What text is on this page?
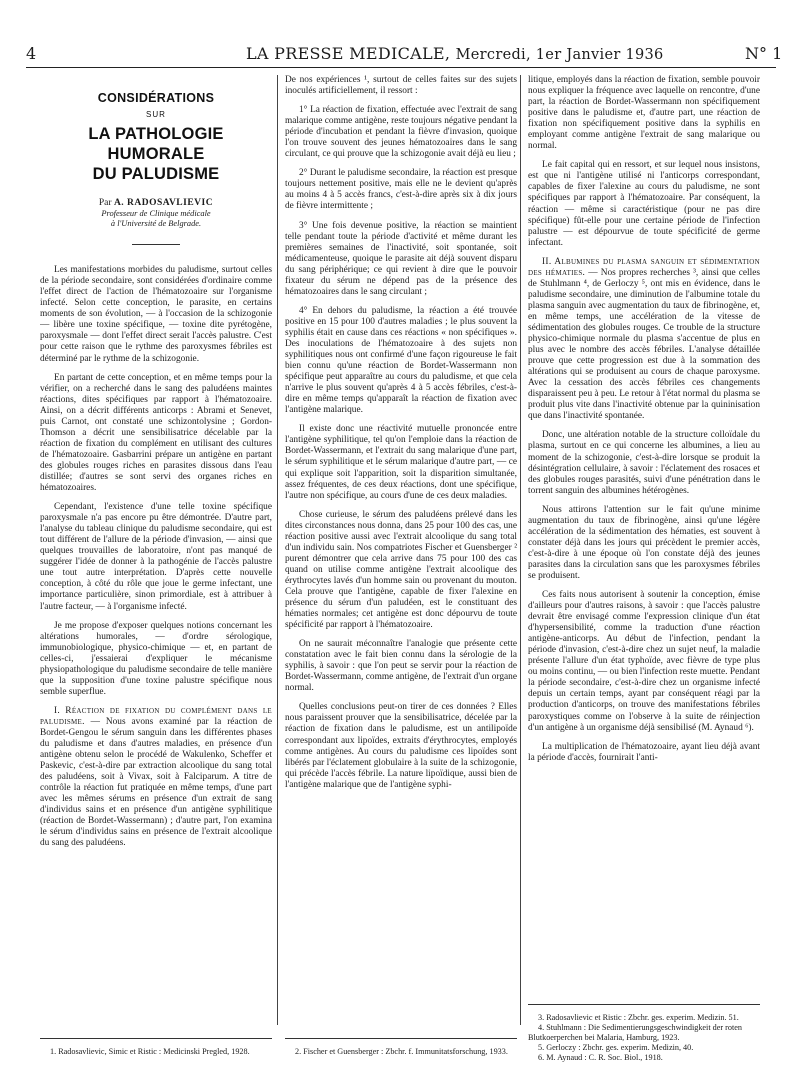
4	LA PRESSE MEDICALE, Mercredi, 1er Janvier 1936	N° 1
CONSIDÉRATIONS
SUR
LA PATHOLOGIE HUMORALE
DU PALUDISME
Par A. RADOSAVLIEVIC
Professeur de Clinique médicale
à l'Université de Belgrade.

Les manifestations morbides du paludisme, surtout celles de la période secondaire, sont considérées d'ordinaire comme l'effet direct de l'action de l'hématozoaire sur l'organisme infecté. Selon cette conception, le parasite, en certains moments de son évolution, — à l'occasion de la schizogonie — libère une toxine spécifique, — toxine dite pyrétogène, paroxysmale — dont l'effet direct serait l'accès palustre. C'est pour cette raison que le rythme des paroxysmes fébriles est déterminé par le rythme de la schizogonie.

En partant de cette conception, et en même temps pour la vérifier, on a recherché dans le sang des paludéens maintes réactions, dites spécifiques par rapport à l'hématozoaire. Ainsi, on a décrit différents anticorps : Abrami et Senevet, puis Carnot, ont constaté une schizontolysine ; Gordon-Thomson a décrit une sensibilisatrice décelable par la réaction de fixation du complément en utilisant des cultures de l'hématozoaire. Gasbarrini prépare un antigène en partant des globules rouges riches en parasites dissous dans l'eau distillée; d'autres se sont servi des organes riches en hématozoaires.

Cependant, l'existence d'une telle toxine spécifique paroxysmale n'a pas encore pu être démontrée. D'autre part, l'analyse du tableau clinique du paludisme secondaire, qui est tout différent de l'allure de la période d'invasion, — ainsi que quelques trouvailles de laboratoire, n'ont pas manqué de suggérer l'idée de donner à la pathogénie de l'accès palustre une tout autre interprétation. D'après cette nouvelle conception, à côté du rôle que joue le germe infectant, une importance particulière, sinon primordiale, est à attribuer à l'autre facteur, — à l'organisme infecté.

Je me propose d'exposer quelques notions concernant les altérations humorales, — d'ordre sérologique, immunobiologique, physico-chimique — et, en partant de celles-ci, j'essaierai d'expliquer le mécanisme physiopathologique du paludisme secondaire de telle manière que la supposition d'une toxine palustre spécifique nous semble superflue.

I. Réaction de fixation du complément dans le paludisme. — Nous avons examiné par la réaction de Bordet-Gengou le sérum sanguin dans les différentes phases du paludisme et dans d'autres maladies, en présence d'un antigène obtenu selon le procédé de Wakulenko, Scheffer et Paskevic, c'est-à-dire par extraction alcoolique du sang total des paludéens, soit à Vivax, soit à Falciparum. A titre de contrôle la réaction fut pratiquée en même temps, d'une part avec les mêmes sérums en présence d'un extrait de sang d'individus sains et en présence d'un antigène syphilitique (réaction de Bordet-Wassermann) ; d'autre part, l'on examina le sérum d'individus sains en présence de l'extrait alcoolique du sang des paludéens.

1. Radosavlievic, Simic et Ristic : Medicinski Pregled, 1928.

De nos expériences ¹, surtout de celles faites sur des sujets inoculés artificiellement, il ressort :

1° La réaction de fixation, effectuée avec l'extrait de sang malarique comme antigène, reste toujours négative pendant la période d'incubation et pendant la fièvre d'invasion, quoique l'on trouve souvent des jeunes hématozoaires dans le sang circulant, ce qui prouve que la schizogonie avait déjà eu lieu ;

2° Durant le paludisme secondaire, la réaction est presque toujours nettement positive, mais elle ne le devient qu'après au moins 4 à 5 accès francs, c'est-à-dire après six à dix jours de fièvre intermittente ;

3° Une fois devenue positive, la réaction se maintient telle pendant toute la période d'activité et même durant les premières semaines de l'inactivité, soit spontanée, soit médicamenteuse, quoique le parasite ait déjà souvent disparu du sang périphérique; ce qui revient à dire que le pouvoir fixateur du sérum ne dépend pas de la présence des hématozoaires dans le sang circulant ;

4° En dehors du paludisme, la réaction a été trouvée positive en 15 pour 100 d'autres maladies ; le plus souvent la syphilis était en cause dans ces réactions « non spécifiques ». Des inoculations de l'hématozoaire à des sujets non syphilitiques nous ont confirmé d'une façon rigoureuse le fait bien connu qu'une réaction de Bordet-Wassermann non spécifique peut apparaître au cours du paludisme, et que cela n'arrive le plus souvent qu'après 4 à 5 accès fébriles, c'est-à-dire en même temps qu'apparaît la réaction de fixation avec l'antigène malarique.

Il existe donc une réactivité mutuelle prononcée entre l'antigène syphilitique, tel qu'on l'emploie dans la réaction de Bordet-Wassermann, et l'extrait du sang malarique d'une part, le sérum syphilitique et le sérum malarique d'autre part, — ce qui explique soit l'apparition, soit la disparition simultanée, assez fréquentes, de ces deux réactions, dont une spécifique, l'autre non spécifique, au cours d'une de ces deux maladies.

Chose curieuse, le sérum des paludéens prélevé dans les dites circonstances nous donna, dans 25 pour 100 des cas, une réaction positive aussi avec l'extrait alcoolique du sang total d'un individu sain. Nos compatriotes Fischer et Guensberger ² purent démontrer que cela arrive dans 75 pour 100 des cas quand on utilise comme antigène l'extrait alcoolique des érythrocytes lavés d'un homme sain ou provenant du mouton. Cela prouve que l'antigène, capable de fixer l'alexine en présence du sérum d'un paludéen, est le constituant des hématies normales; cet antigène est donc dépourvu de toute spécificité par rapport à l'hématozoaire.

On ne saurait méconnaître l'analogie que présente cette constatation avec le fait bien connu dans la sérologie de la syphilis, à savoir : que l'on peut se servir pour la réaction de Bordet-Wassermann, comme antigène, de l'extrait d'un organe normal.

Quelles conclusions peut-on tirer de ces données ? Elles nous paraissent prouver que la sensibilisatrice, décelée par la réaction de fixation dans le paludisme, est un antilipoïde correspondant aux lipoïdes, extraits d'érythrocytes, employés comme antigènes. Au cours du paludisme ces lipoïdes sont libérés par l'éclatement globulaire à la suite de la schizogonie, qui précède l'accès fébrile. La nature lipoïdique, aussi bien de l'antigène malarique que de l'antigène syphi-

2. Fischer et Guensberger : Zbchr. f. Immunitatsforschung, 1933.

litique, employés dans la réaction de fixation, semble pouvoir nous expliquer la fréquence avec laquelle on rencontre, d'une part, la réaction de Bordet-Wassermann non spécifiquement positive dans le paludisme et, d'autre part, une réaction de fixation non spécifiquement positive dans la syphilis en employant comme antigène l'extrait de sang malarique ou normal.

Le fait capital qui en ressort, et sur lequel nous insistons, est que ni l'antigène utilisé ni l'anticorps correspondant, capables de fixer l'alexine au cours du paludisme, ne sont spécifiques par rapport à l'hématozoaire. Par conséquent, la réaction — même si caractéristique (pour ne pas dire spécifique) fût-elle pour une certaine période de l'infection palustre — est dépourvue de toute spécificité de germe infectant.

II. Albumines du plasma sanguin et sédimentation des hématies. — Nos propres recherches ³, ainsi que celles de Stuhlmann ⁴, de Gerloczy ⁵, ont mis en évidence, dans le paludisme secondaire, une diminution de l'albumine totale du plasma sanguin avec augmentation du taux de fibrinogène, et, en même temps, une accélération de la vitesse de sédimentation des globules rouges. Ce trouble de la structure physico-chimique normale du plasma s'accentue de plus en plus avec le nombre des accès fébriles. L'analyse détaillée prouve que cette progression est due à la sommation des altérations qui se produisent au cours de chaque paroxysme. Avec la cessation des accès fébriles ces changements disparaissent peu à peu. Le retour à l'état normal du plasma se produit plus vite dans l'inactivité obtenue par la quininisation que dans l'inactivité spontanée.

Donc, une altération notable de la structure colloïdale du plasma, surtout en ce qui concerne les albumines, a lieu au moment de la schizogonie, c'est-à-dire lorsque se produit la désintégration cellulaire, à savoir : l'éclatement des rosaces et des globules rouges parasités, suivi d'une pénétration dans le torrent sanguin des albumines hétérogènes.

Nous attirons l'attention sur le fait qu'une minime augmentation du taux de fibrinogène, ainsi qu'une légère accélération de la sédimentation des hématies, est souvent à constater déjà dans les jours qui précèdent le premier accès, c'est-à-dire à une époque où l'on constate déjà des jeunes parasites dans la circulation sans que les paroxysmes fébriles se produisent.

Ces faits nous autorisent à soutenir la conception, émise d'ailleurs pour d'autres raisons, à savoir : que l'accès palustre devrait être envisagé comme l'expression clinique d'un état d'hypersensibilité, comme la traduction d'une réaction antigène-anticorps. Au début de l'infection, pendant la période d'invasion, c'est-à-dire chez un sujet neuf, la maladie présente l'allure d'un état typhoïde, avec fièvre de type plus ou moins continu, — ou bien l'infection reste muette. Pendant la période secondaire, c'est-à-dire chez un organisme infecté depuis un certain temps, ayant par conséquent réagi par la production d'anticorps, on trouve des manifestations fébriles paroxystiques comme on l'observe à la suite de réinjection d'un antigène à un organisme déjà sensibilisé (M. Aynaud ⁶).

La multiplication de l'hématozoaire, ayant lieu déjà avant la période d'accès, fournirait l'anti-

3. Radosavlievic et Ristic : Zbchr. ges. experim. Medizin. 51.

4. Stuhlmann : Die Sedimentierungsgeschwindigkeit der roten Blutkoerperchen bei Malaria, Hamburg, 1923.

5. Gerloczy : Zbchr. ges. experim. Medizin, 40.

6. M. Aynaud : C. R. Soc. Biol., 1918.
